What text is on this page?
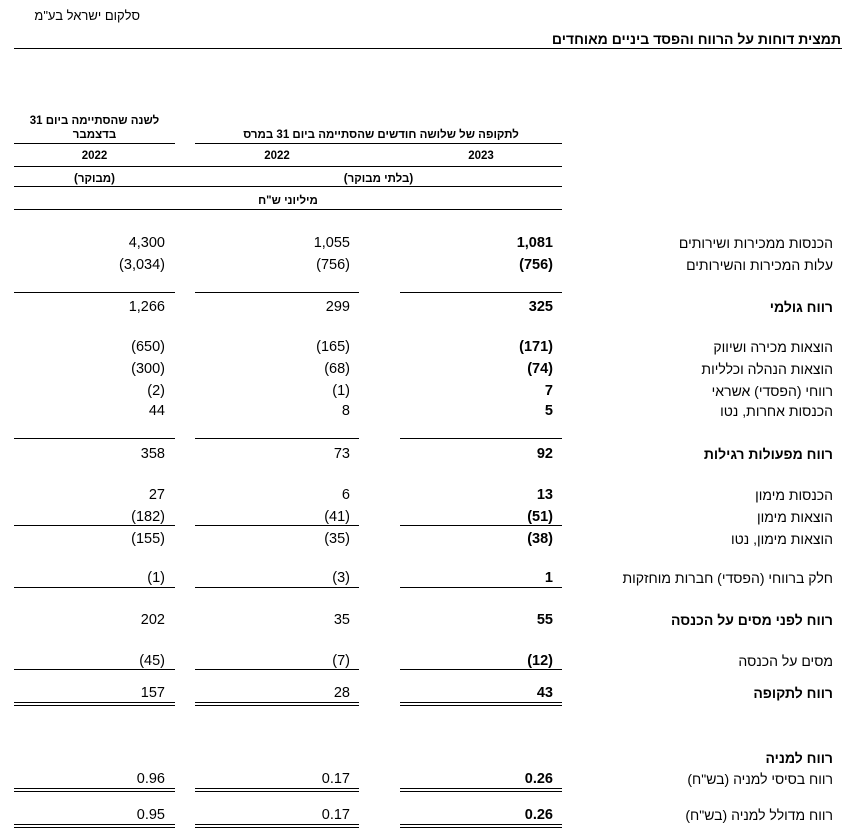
סלקום ישראל בע"מ
תמצית דוחות על הרווח והפסד ביניים מאוחדים
לתקופה של שלושה חודשים שהסתיימה ביום 31 במרס
לשנה שהסתיימה ביום 31
בדצמבר
2023
2022
2022
(בלתי מבוקר)
(מבוקר)
מיליוני ש"ח
הכנסות ממכירות ושירותים
1,081
1,055
4,300
עלות המכירות והשירותים
(756)
(756)
(3,034)
רווח גולמי
325
299
1,266
הוצאות מכירה ושיווק
(171)
(165)
(650)
הוצאות הנהלה וכלליות
(74)
(68)
(300)
רווחי (הפסדי) אשראי
7
(1)
(2)
הכנסות אחרות, נטו
5
8
44
רווח מפעולות רגילות
92
73
358
הכנסות מימון
13
6
27
הוצאות מימון
(51)
(41)
(182)
הוצאות מימון, נטו
(38)
(35)
(155)
חלק ברווחי (הפסדי) חברות מוחזקות
1
(3)
(1)
רווח לפני מסים על הכנסה
55
35
202
מסים על הכנסה
(12)
(7)
(45)
רווח לתקופה
43
28
157
רווח למניה
רווח בסיסי למניה (בש"ח)
0.26
0.17
0.96
רווח מדולל למניה (בש"ח)
0.26
0.17
0.95
